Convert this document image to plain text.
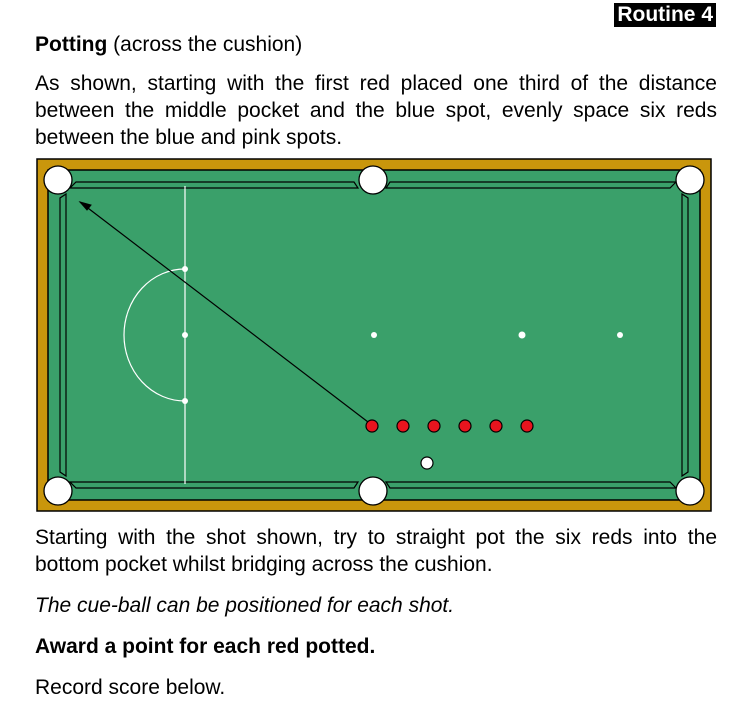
Routine 4
Potting (across the cushion)
As shown, starting with the first red placed one third of the distance between the middle pocket and the blue spot, evenly space six reds between the blue and pink spots.
Starting with the shot shown, try to straight pot the six reds into the bottom pocket whilst bridging across the cushion.
The cue-ball can be positioned for each shot.
Award a point for each red potted.
Record score below.
